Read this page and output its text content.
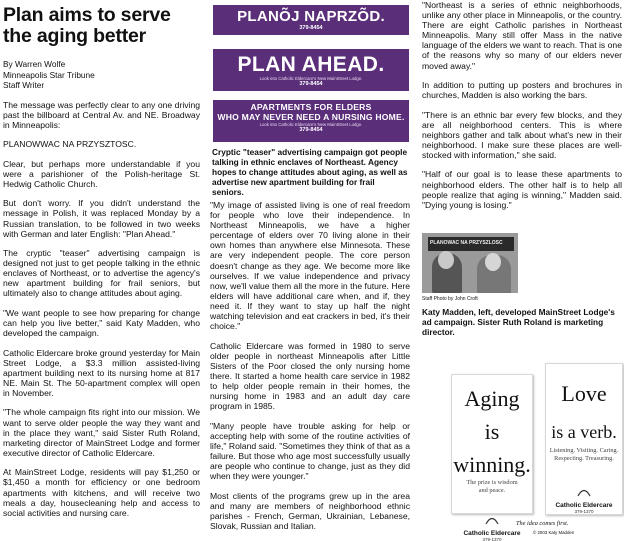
Plan aims to serve the aging better
By Warren Wolfe
Minneapolis Star Tribune
Staff Writer

The message was perfectly clear to any one driving past the billboard at Central Av. and NE. Broadway in Minneapolis:

PLANOWWAC NA PRZYSZTOSC.

Clear, but perhaps more understandable if you were a parishioner of the Polish-heritage St. Hedwig Catholic Church.

But don't worry. If you didn't understand the message in Polish, it was replaced Monday by a Russian translation, to be followed in two weeks with German and later English: "Plan Ahead."

The cryptic "teaser" advertising campaign is designed not just to get people talking in the ethnic enclaves of Northeast, or to advertise the agency's new apartment building for frail seniors, but ultimately also to change attitudes about aging.

"We want people to see how preparing for change can help you live better," said Katy Madden, who developed the campaign.

Catholic Eldercare broke ground yesterday for Main Street Lodge, a $3.3 million assisted-living apartment building next to its nursing home at 817 NE. Main St. The 50-apartment complex will open in November.

"The whole campaign fits right into our mission. We want to serve older people the way they want and in the place they want," said Sister Ruth Roland, marketing director of MainStreet Lodge and former executive director of Catholic Eldercare.

At MainStreet Lodge, residents will pay $1,250 or $1,450 a month for efficiency or one bedroom apartments with kitchens, and will receive two meals a day, housecleaning help and access to social activities and nursing care.

PLANÕJ NAPRZÕD.
379-8454
PLAN AHEAD.
Look into Catholic Eldercare's New MainStreet Lodge.
379-8454
APARTMENTS FOR ELDERS
WHO MAY NEVER NEED A NURSING HOME.
Look into Catholic Eldercare's New MainStreet Lodge.
379-8454
Cryptic "teaser" advertising campaign got people talking in ethnic enclaves of Northeast. Agency hopes to change attitudes about aging, as well as advertise new apartment building for frail seniors.

"My image of assisted living is one of real freedom for people who love their independence. In Northeast Minneapolis, we have a higher percentage of elders over 70 living alone in their own homes than anywhere else Minnesota. These are very independent people. The core person doesn't change as they age. We become more like ourselves. If we value independence and privacy now, we'll value them all the more in the future. Here elders will have additional care when, and if, they need it. If they want to stay up half the night watching television and eat crackers in bed, it's their choice."

Catholic Eldercare was formed in 1980 to serve older people in northeast Minneapolis after Little Sisters of the Poor closed the only nursing home there. It started a home health care service in 1982 to help older people remain in their homes, the nursing home in 1983 and an adult day care program in 1985.

"Many people have trouble asking for help or accepting help with some of the routine activities of life," Roland said. "Sometimes they think of that as a failure. But those who age most successfully usually are people who continue to change, just as they did when they were younger."

Most clients of the programs grew up in the area and many are members of neighborhood ethnic parishes - French, German, Ukrainian, Lebanese, Slovak, Russian and Italian.

"Northeast is a series of ethnic neighborhoods, unlike any other place in Minneapolis, or the country. There are eight Catholic parishes in Northeast Minneapolis. Many still offer Mass in the native language of the elders we want to reach. That is one of the reasons why so many of our elders never moved away."

In addition to putting up posters and brochures in churches, Madden is also working the bars.

"There is an ethnic bar every few blocks, and they are all neighborhood centers. This is where neighbors gather and talk about what's new in their neighborhood. I make sure these places are well-stocked with information," she said.

"Half of our goal is to lease these apartments to neighborhood elders. The other half is to help all people realize that aging is winning," Madden said. "Dying young is losing."

PLANOWAC NA PRZYSZLOSC
Staff Photo by John Croft
Katy Madden, left, developed MainStreet Lodge's ad campaign. Sister Ruth Roland is marketing director.
Aging
is
winning.
The prize is wisdom
and peace.
Catholic Eldercare
379-1370
Love
is a verb.
Listening. Visiting. Caring.
Respecting. Treasuring.
Catholic Eldercare
379-1370
The idea comes first.
© 2003 Katy Madden
